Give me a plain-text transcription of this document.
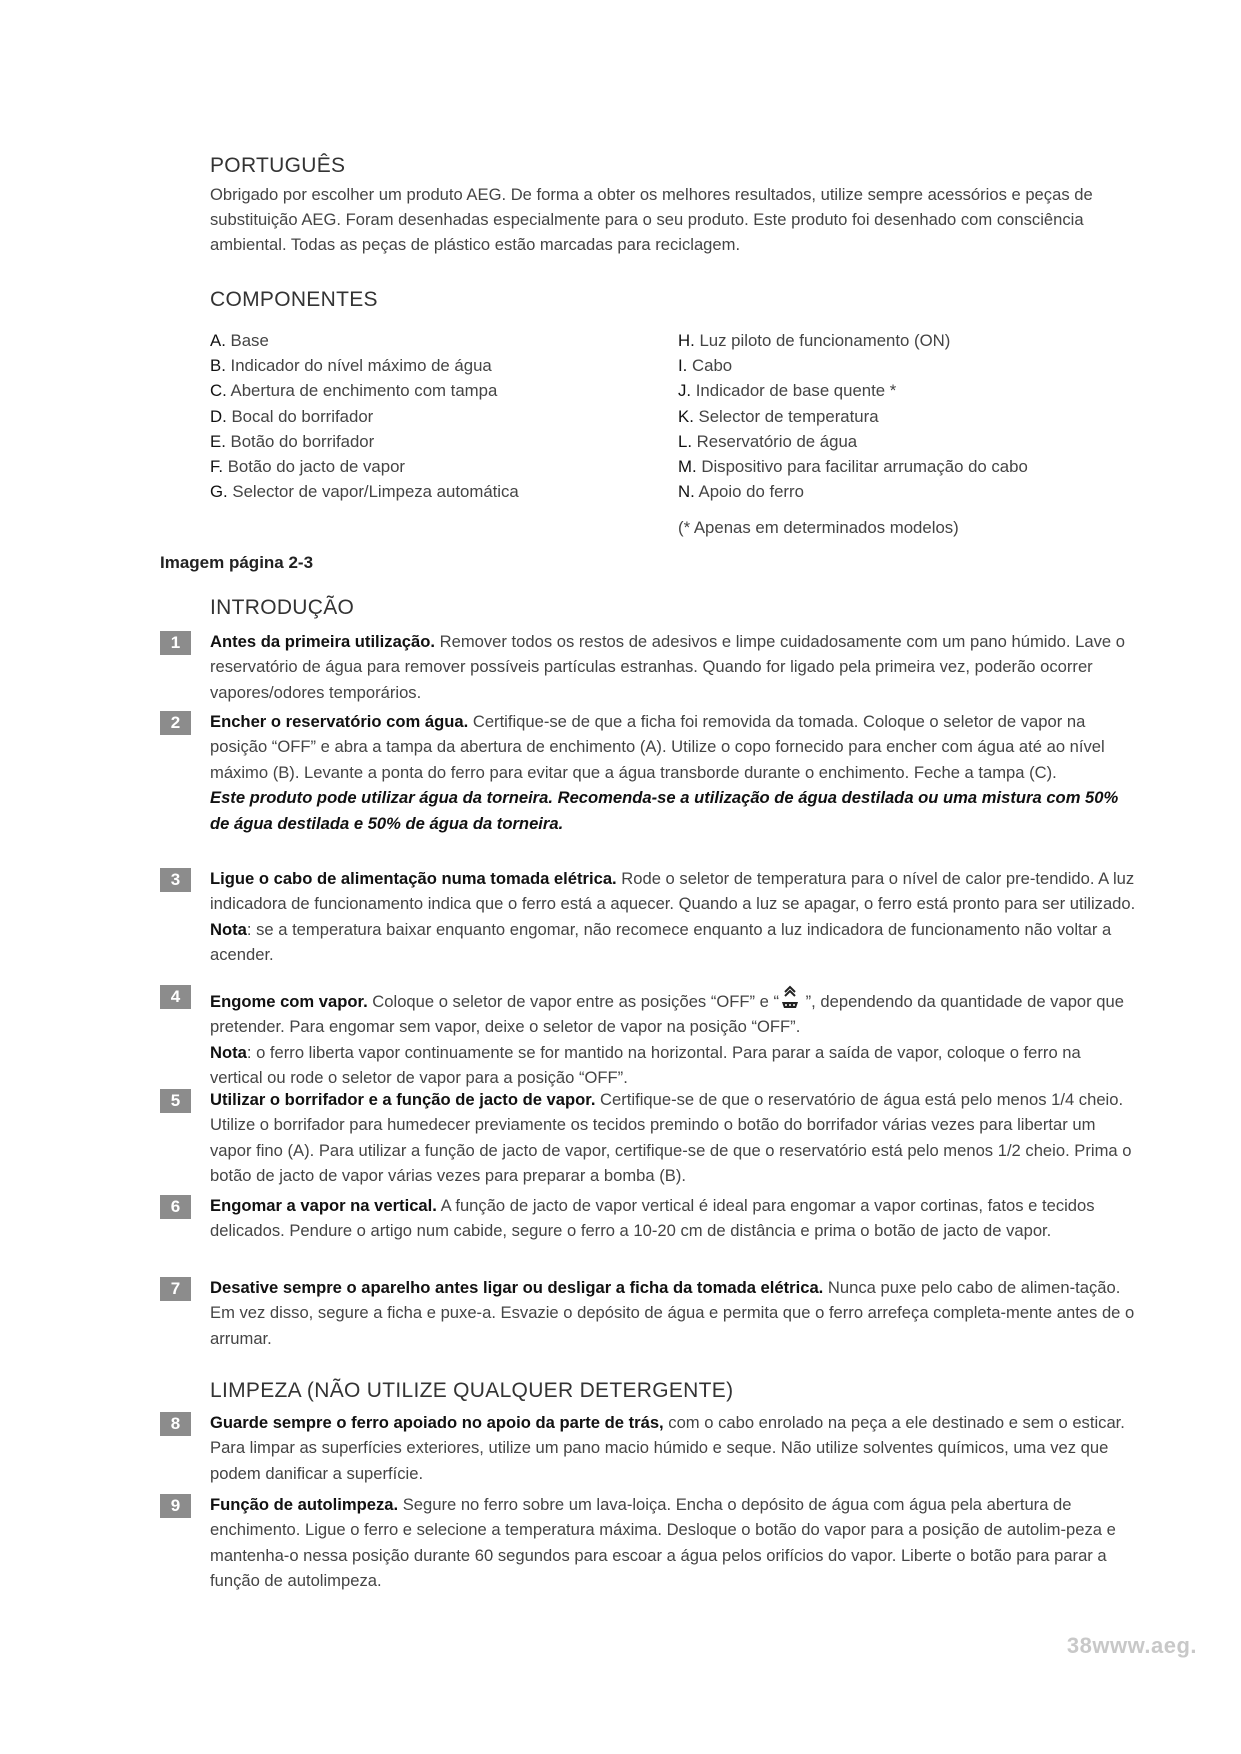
PORTUGUÊS
Obrigado por escolher um produto AEG. De forma a obter os melhores resultados, utilize sempre acessórios e peças de substituição AEG. Foram desenhadas especialmente para o seu produto. Este produto foi desenhado com consciência ambiental. Todas as peças de plástico estão marcadas para reciclagem.
COMPONENTES
A. Base
B. Indicador do nível máximo de água
C. Abertura de enchimento com tampa
D. Bocal do borrifador
E. Botão do borrifador
F. Botão do jacto de vapor
G. Selector de vapor/Limpeza automática
H. Luz piloto de funcionamento (ON)
I. Cabo
J. Indicador de base quente *
K. Selector de temperatura
L. Reservatório de água
M. Dispositivo para facilitar arrumação do cabo
N. Apoio do ferro
(* Apenas em determinados modelos)
Imagem página 2-3
INTRODUÇÃO
1	Antes da primeira utilização. Remover todos os restos de adesivos e limpe cuidadosamente com um pano húmido. Lave o reservatório de água para remover possíveis partículas estranhas. Quando for ligado pela primeira vez, poderão ocorrer vapores/odores temporários.
2	Encher o reservatório com água. Certifique-se de que a ficha foi removida da tomada. Coloque o seletor de vapor na posição “OFF” e abra a tampa da abertura de enchimento (A). Utilize o copo fornecido para encher com água até ao nível máximo (B). Levante a ponta do ferro para evitar que a água transborde durante o enchimento. Feche a tampa (C).
Este produto pode utilizar água da torneira. Recomenda-se a utilização de água destilada ou uma mistura com 50% de água destilada e 50% de água da torneira.
3	Ligue o cabo de alimentação numa tomada elétrica. Rode o seletor de temperatura para o nível de calor pre-tendido. A luz indicadora de funcionamento indica que o ferro está a aquecer. Quando a luz se apagar, o ferro está pronto para ser utilizado. Nota: se a temperatura baixar enquanto engomar, não recomece enquanto a luz indicadora de funcionamento não voltar a acender.
4	Engome com vapor. Coloque o seletor de vapor entre as posições “OFF” e “ ”, dependendo da quantidade de vapor que pretender. Para engomar sem vapor, deixe o seletor de vapor na posição “OFF”.
Nota: o ferro liberta vapor continuamente se for mantido na horizontal. Para parar a saída de vapor, coloque o ferro na vertical ou rode o seletor de vapor para a posição “OFF”.
5	Utilizar o borrifador e a função de jacto de vapor. Certifique-se de que o reservatório de água está pelo menos 1/4 cheio. Utilize o borrifador para humedecer previamente os tecidos premindo o botão do borrifador várias vezes para libertar um vapor fino (A). Para utilizar a função de jacto de vapor, certifique-se de que o reservatório está pelo menos 1/2 cheio. Prima o botão de jacto de vapor várias vezes para preparar a bomba (B).
6	Engomar a vapor na vertical. A função de jacto de vapor vertical é ideal para engomar a vapor cortinas, fatos e tecidos delicados. Pendure o artigo num cabide, segure o ferro a 10-20 cm de distância e prima o botão de jacto de vapor.
7	Desative sempre o aparelho antes ligar ou desligar a ficha da tomada elétrica. Nunca puxe pelo cabo de alimen-tação. Em vez disso, segure a ficha e puxe-a. Esvazie o depósito de água e permita que o ferro arrefeça completa-mente antes de o arrumar.
LIMPEZA (NÃO UTILIZE QUALQUER DETERGENTE)
8	Guarde sempre o ferro apoiado no apoio da parte de trás, com o cabo enrolado na peça a ele destinado e sem o esticar. Para limpar as superfícies exteriores, utilize um pano macio húmido e seque. Não utilize solventes químicos, uma vez que podem danificar a superfície.
9	Função de autolimpeza. Segure no ferro sobre um lava-loiça. Encha o depósito de água com água pela abertura de enchimento. Ligue o ferro e selecione a temperatura máxima. Desloque o botão do vapor para a posição de autolim-peza e mantenha-o nessa posição durante 60 segundos para escoar a água pelos orifícios do vapor. Liberte o botão para parar a função de autolimpeza.
38www.aeg.
